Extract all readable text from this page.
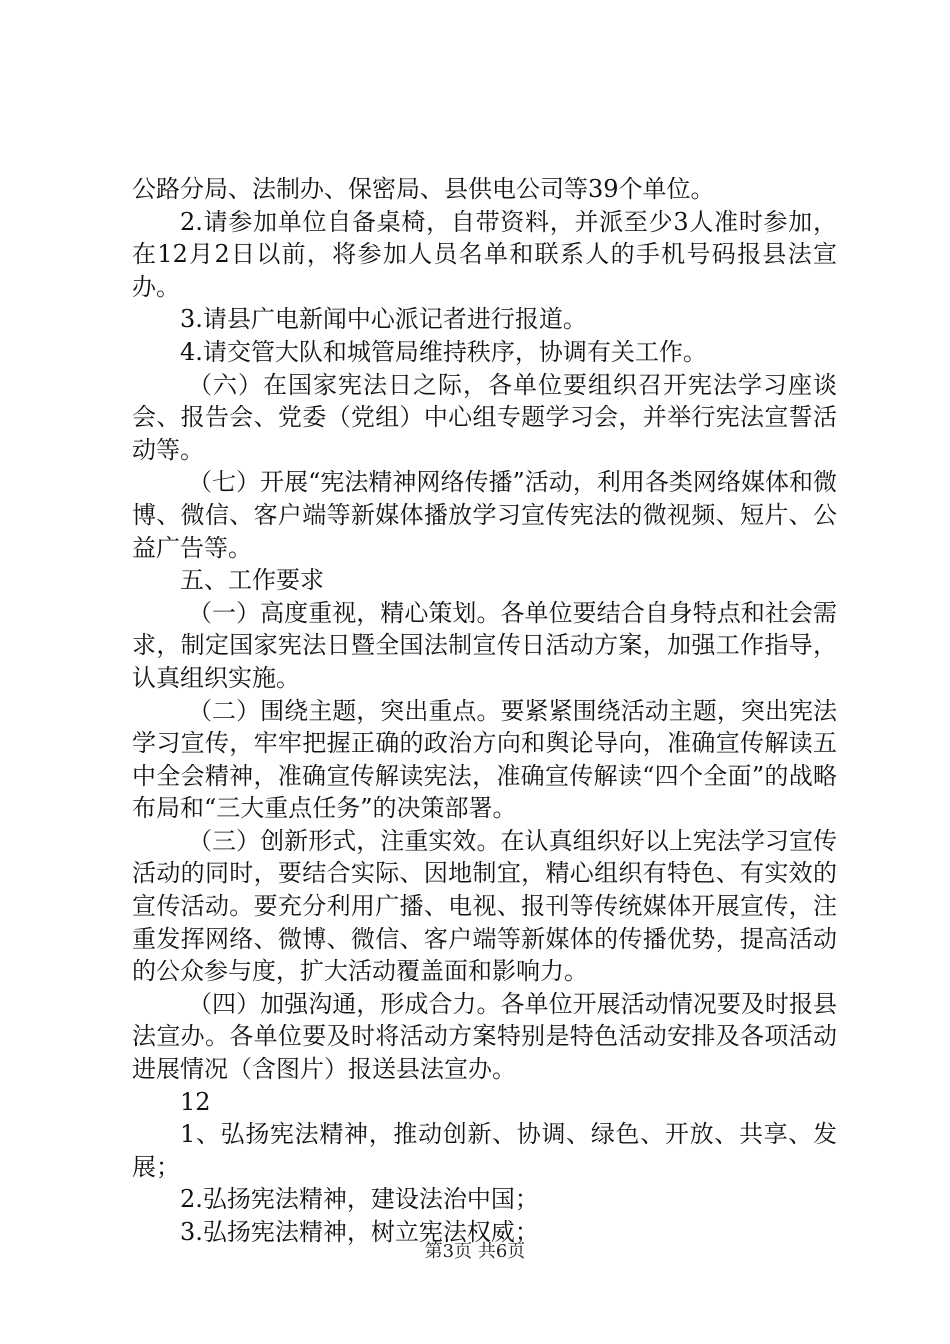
公路分局、法制办、保密局、县供电公司等39个单位。

2.请参加单位自备桌椅，自带资料，并派至少3人准时参加，在12月2日以前，将参加人员名单和联系人的手机号码报县法宣办。

3.请县广电新闻中心派记者进行报道。

4.请交管大队和城管局维持秩序，协调有关工作。

（六）在国家宪法日之际，各单位要组织召开宪法学习座谈会、报告会、党委（党组）中心组专题学习会，并举行宪法宣誓活动等。

（七）开展“宪法精神网络传播”活动，利用各类网络媒体和微博、微信、客户端等新媒体播放学习宣传宪法的微视频、短片、公益广告等。

五、工作要求

（一）高度重视，精心策划。各单位要结合自身特点和社会需求，制定国家宪法日暨全国法制宣传日活动方案，加强工作指导，认真组织实施。

（二）围绕主题，突出重点。要紧紧围绕活动主题，突出宪法学习宣传，牢牢把握正确的政治方向和舆论导向，准确宣传解读五中全会精神，准确宣传解读宪法，准确宣传解读“四个全面”的战略布局和“三大重点任务”的决策部署。

（三）创新形式，注重实效。在认真组织好以上宪法学习宣传活动的同时，要结合实际、因地制宜，精心组织有特色、有实效的宣传活动。要充分利用广播、电视、报刊等传统媒体开展宣传，注重发挥网络、微博、微信、客户端等新媒体的传播优势，提高活动的公众参与度，扩大活动覆盖面和影响力。

（四）加强沟通，形成合力。各单位开展活动情况要及时报县法宣办。各单位要及时将活动方案特别是特色活动安排及各项活动进展情况（含图片）报送县法宣办。

12

1、弘扬宪法精神，推动创新、协调、绿色、开放、共享、发展；

2.弘扬宪法精神，建设法治中国；

3.弘扬宪法精神，树立宪法权威；

第3页 共6页
